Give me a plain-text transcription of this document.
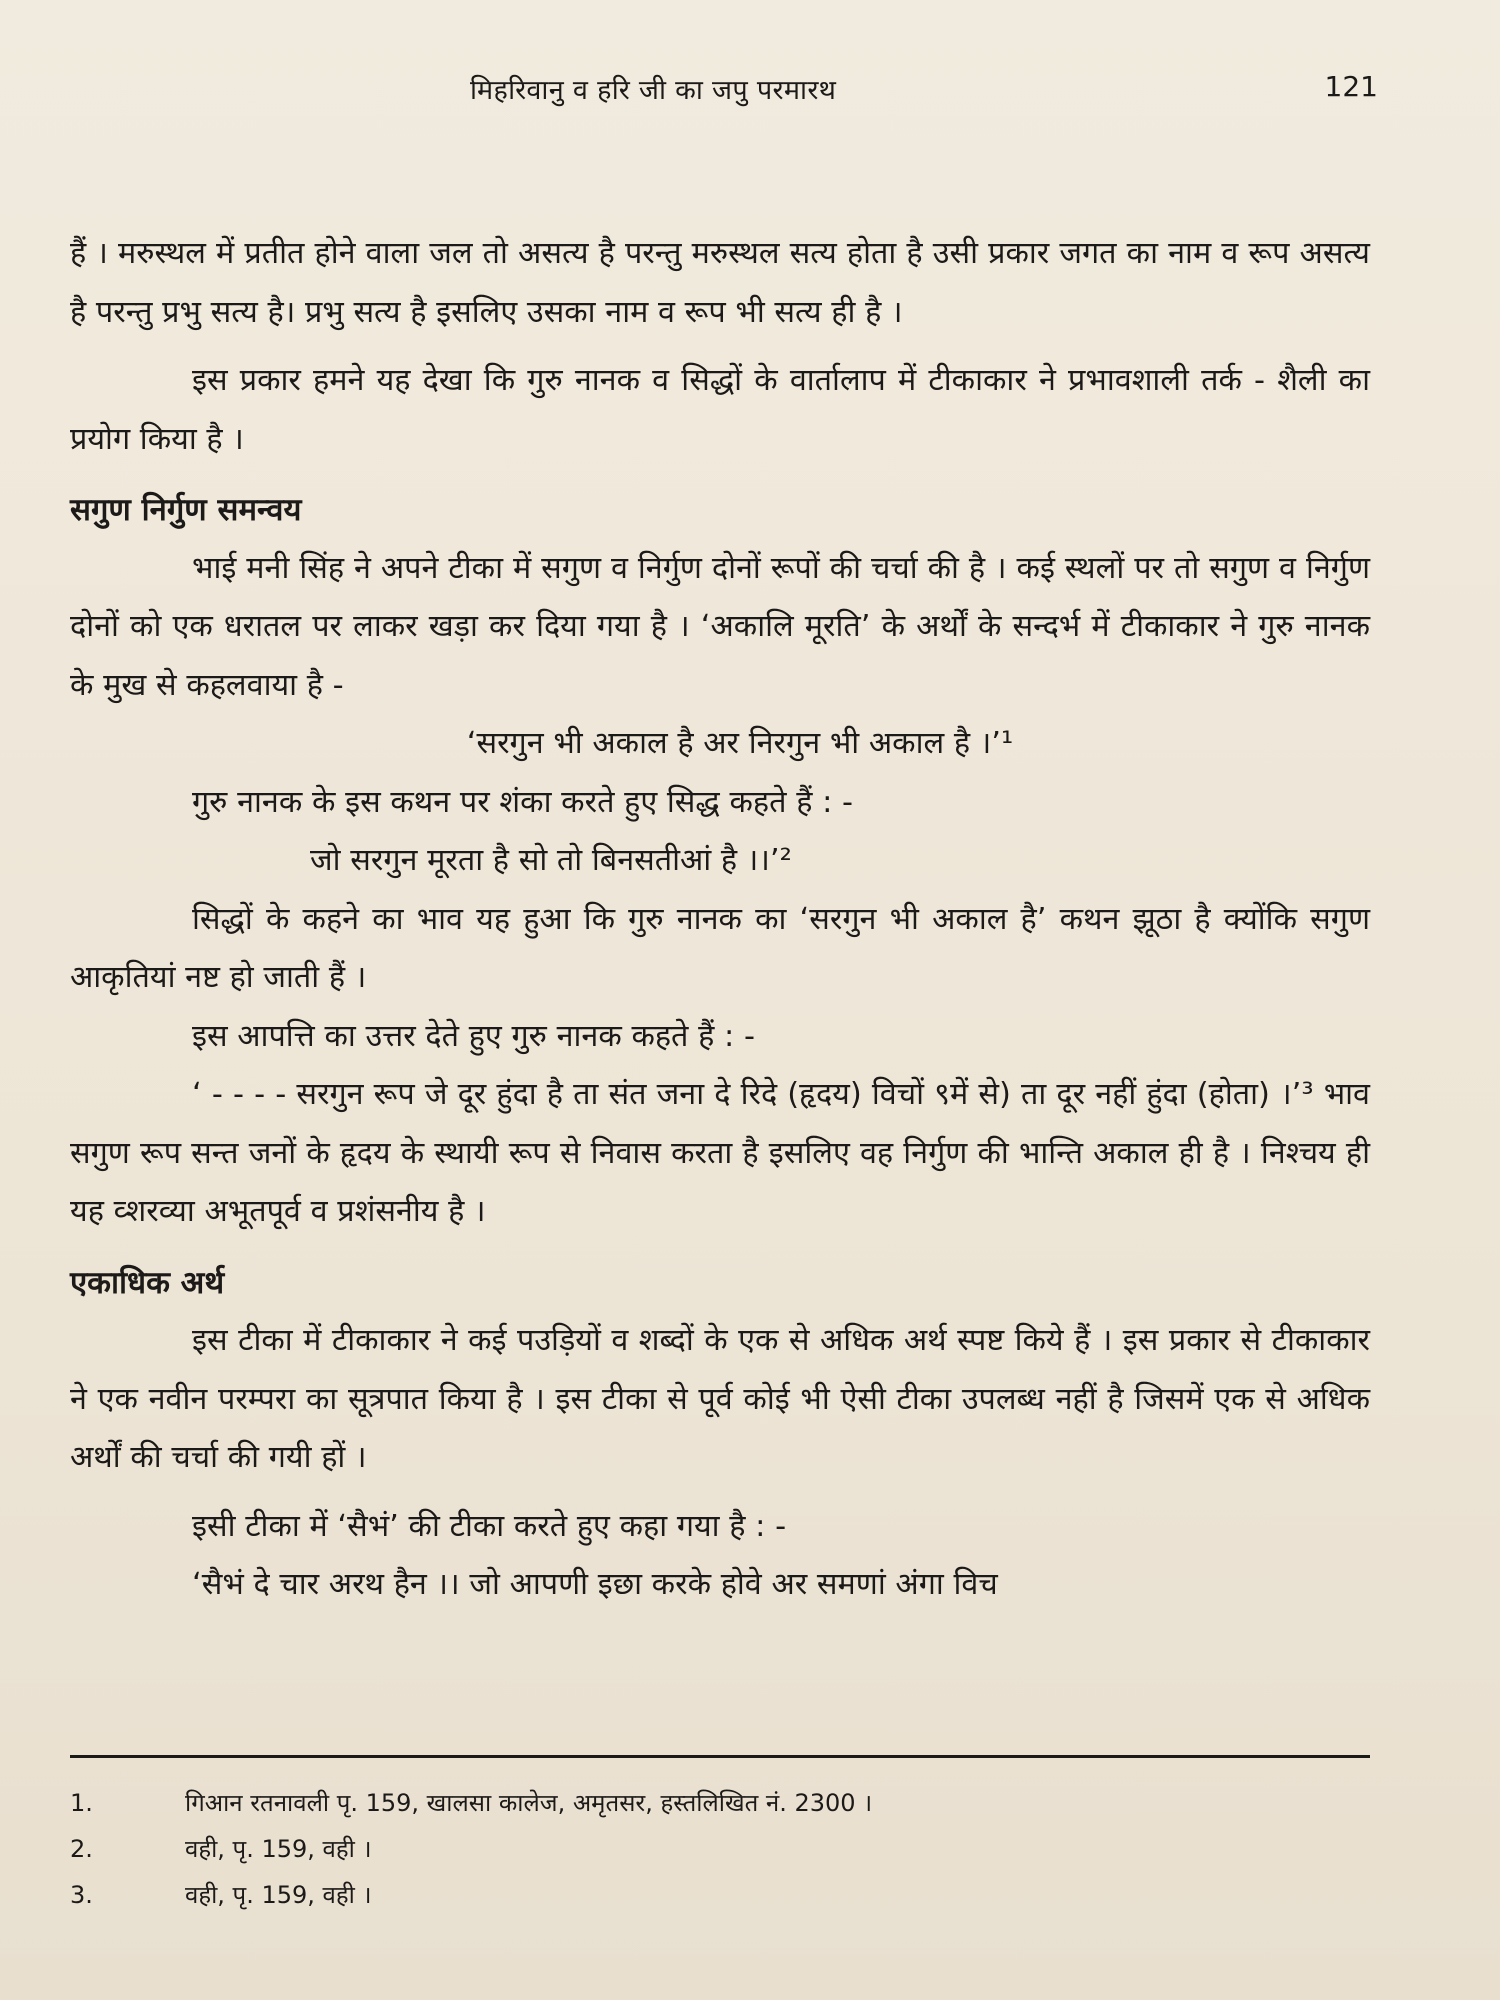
मिहरिवानु व हरि जी का जपु परमारथ	121

हैं । मरुस्थल में प्रतीत होने वाला जल तो असत्य है परन्तु मरुस्थल सत्य होता है उसी प्रकार जगत का नाम व रूप असत्य है परन्तु प्रभु सत्य है। प्रभु सत्य है इसलिए उसका नाम व रूप भी सत्य ही है ।

इस प्रकार हमने यह देखा कि गुरु नानक व सिद्धों के वार्तालाप में टीकाकार ने प्रभावशाली तर्क - शैली का प्रयोग किया है ।

सगुण निर्गुण समन्वय

भाई मनी सिंह ने अपने टीका में सगुण व निर्गुण दोनों रूपों की चर्चा की है । कई स्थलों पर तो सगुण व निर्गुण दोनों को एक धरातल पर लाकर खड़ा कर दिया गया है । ‘अकालि मूरति’ के अर्थों के सन्दर्भ में टीकाकार ने गुरु नानक के मुख से कहलवाया है -

‘सरगुन भी अकाल है अर निरगुन भी अकाल है ।’¹

गुरु नानक के इस कथन पर शंका करते हुए सिद्ध कहते हैं : -

जो सरगुन मूरता है सो तो बिनसतीआं है ।।’²

सिद्धों के कहने का भाव यह हुआ कि गुरु नानक का ‘सरगुन भी अकाल है’ कथन झूठा है क्योंकि सगुण आकृतियां नष्ट हो जाती हैं ।

इस आपत्ति का उत्तर देते हुए गुरु नानक कहते हैं : -

‘ - - - - सरगुन रूप जे दूर हुंदा है ता संत जना दे रिदे (हृदय) विचों ९में से) ता दूर नहीं हुंदा (होता) ।’³ भाव सगुण रूप सन्त जनों के हृदय के स्थायी रूप से निवास करता है इसलिए वह निर्गुण की भान्ति अकाल ही है । निश्चय ही यह व्शरव्या अभूतपूर्व व प्रशंसनीय है ।

एकाधिक अर्थ

इस टीका में टीकाकार ने कई पउड़ियों व शब्दों के एक से अधिक अर्थ स्पष्ट किये हैं । इस प्रकार से टीकाकार ने एक नवीन परम्परा का सूत्रपात किया है । इस टीका से पूर्व कोई भी ऐसी टीका उपलब्ध नहीं है जिसमें एक से अधिक अर्थों की चर्चा की गयी हों ।

इसी टीका में ‘सैभं’ की टीका करते हुए कहा गया है : -

‘सैभं दे चार अरथ हैन ।। जो आपणी इछा करके होवे अर समणां अंगा विच

1.	गिआन रतनावली पृ. 159, खालसा कालेज, अमृतसर, हस्तलिखित नं. 2300 ।
2.	वही, पृ. 159, वही ।
3.	वही, पृ. 159, वही ।
